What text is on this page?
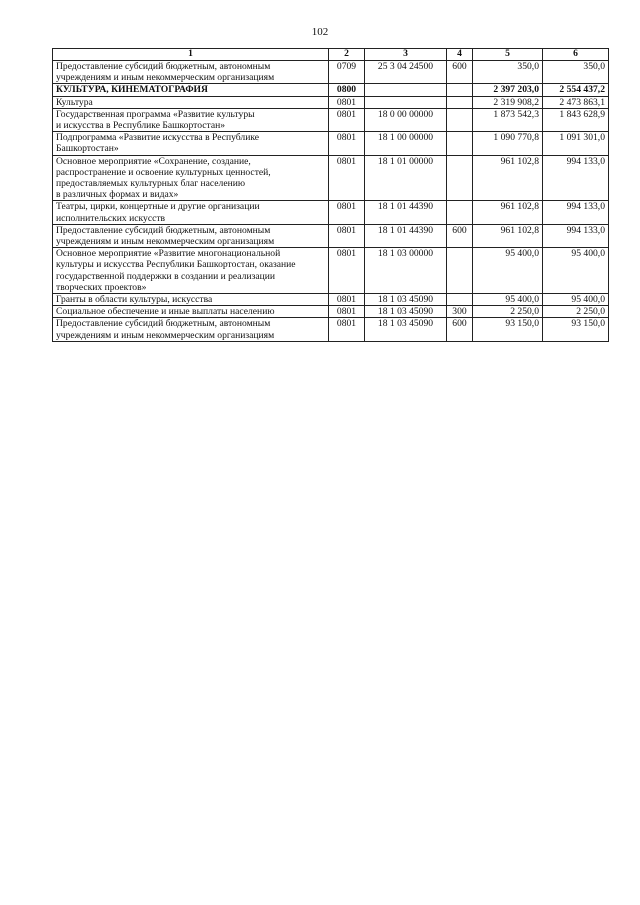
102
1	2	3	4	5	6
Предоставление субсидий бюджетным, автономным
учреждениям и иным некоммерческим организациям	0709	25 3 04 24500	600	350,0	350,0
КУЛЬТУРА, КИНЕМАТОГРАФИЯ	0800			2 397 203,0	2 554 437,2
Культура	0801			2 319 908,2	2 473 863,1
Государственная программа «Развитие культуры
и искусства в Республике Башкортостан»	0801	18 0 00 00000		1 873 542,3	1 843 628,9
Подпрограмма «Развитие искусства в Республике
Башкортостан»	0801	18 1 00 00000		1 090 770,8	1 091 301,0
Основное мероприятие «Сохранение, создание,
распространение и освоение культурных ценностей,
предоставляемых культурных благ населению
в различных формах и видах»	0801	18 1 01 00000		961 102,8	994 133,0
Театры, цирки, концертные и другие организации
исполнительских искусств	0801	18 1 01 44390		961 102,8	994 133,0
Предоставление субсидий бюджетным, автономным
учреждениям и иным некоммерческим организациям	0801	18 1 01 44390	600	961 102,8	994 133,0
Основное мероприятие «Развитие многонациональной
культуры и искусства Республики Башкортостан, оказание
государственной поддержки в создании и реализации
творческих проектов»	0801	18 1 03 00000		95 400,0	95 400,0
Гранты в области культуры, искусства	0801	18 1 03 45090		95 400,0	95 400,0
Социальное обеспечение и иные выплаты населению	0801	18 1 03 45090	300	2 250,0	2 250,0
Предоставление субсидий бюджетным, автономным
учреждениям и иным некоммерческим организациям	0801	18 1 03 45090	600	93 150,0	93 150,0
